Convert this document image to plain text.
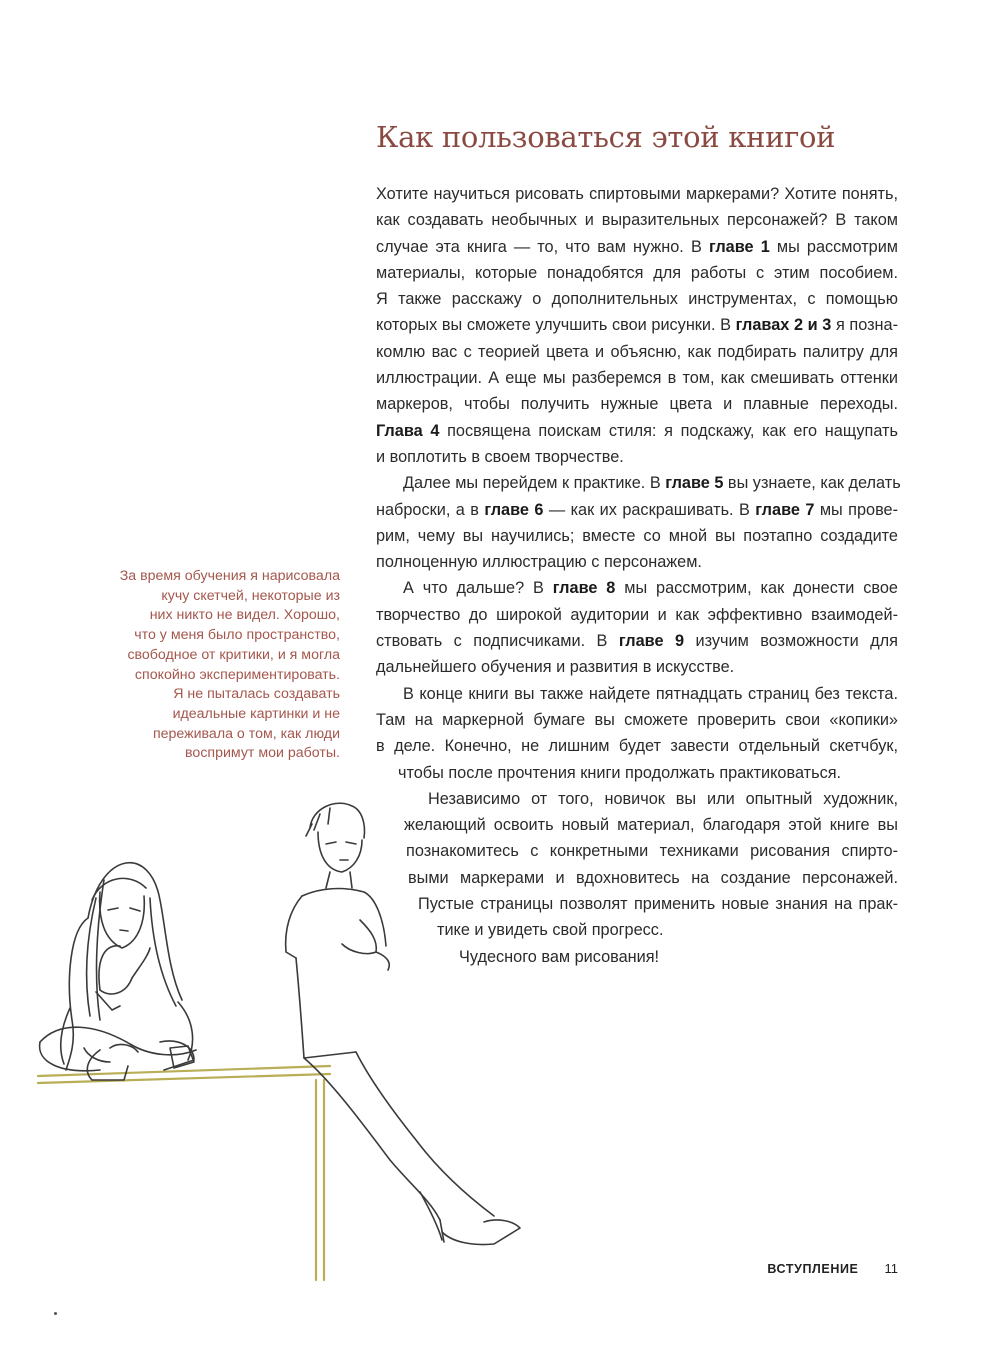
Как пользоваться этой книгой
Хотите научиться рисовать спиртовыми маркерами? Хотите понять,
как создавать необычных и выразительных персонажей? В таком
случае эта книга — то, что вам нужно. В главе 1 мы рассмотрим
материалы, которые понадобятся для работы с этим пособием.
Я также расскажу о дополнительных инструментах, с помощью
которых вы сможете улучшить свои рисунки. В главах 2 и 3 я позна-
комлю вас с теорией цвета и объясню, как подбирать палитру для
иллюстрации. А еще мы разберемся в том, как смешивать оттенки
маркеров, чтобы получить нужные цвета и плавные переходы.
Глава 4 посвящена поискам стиля: я подскажу, как его нащупать
и воплотить в своем творчестве.
Далее мы перейдем к практике. В главе 5 вы узнаете, как делать
наброски, а в главе 6 — как их раскрашивать. В главе 7 мы прове-
рим, чему вы научились; вместе со мной вы поэтапно создадите
полноценную иллюстрацию с персонажем.
А что дальше? В главе 8 мы рассмотрим, как донести свое
творчество до широкой аудитории и как эффективно взаимодей-
ствовать с подписчиками. В главе 9 изучим возможности для
дальнейшего обучения и развития в искусстве.
В конце книги вы также найдете пятнадцать страниц без текста.
Там на маркерной бумаге вы сможете проверить свои «копики»
в деле. Конечно, не лишним будет завести отдельный скетчбук,
чтобы после прочтения книги продолжать практиковаться.
Независимо от того, новичок вы или опытный художник,
желающий освоить новый материал, благодаря этой книге вы
познакомитесь с конкретными техниками рисования спирто-
выми маркерами и вдохновитесь на создание персонажей.
Пустые страницы позволят применить новые знания на прак-
тике и увидеть свой прогресс.
Чудесного вам рисования!
За время обучения я нарисовала
кучу скетчей, некоторые из
них никто не видел. Хорошо,
что у меня было пространство,
свободное от критики, и я могла
спокойно экспериментировать.
Я не пыталась создавать
идеальные картинки и не
переживала о том, как люди
воспримут мои работы.
ВСТУПЛЕНИЕ 11
